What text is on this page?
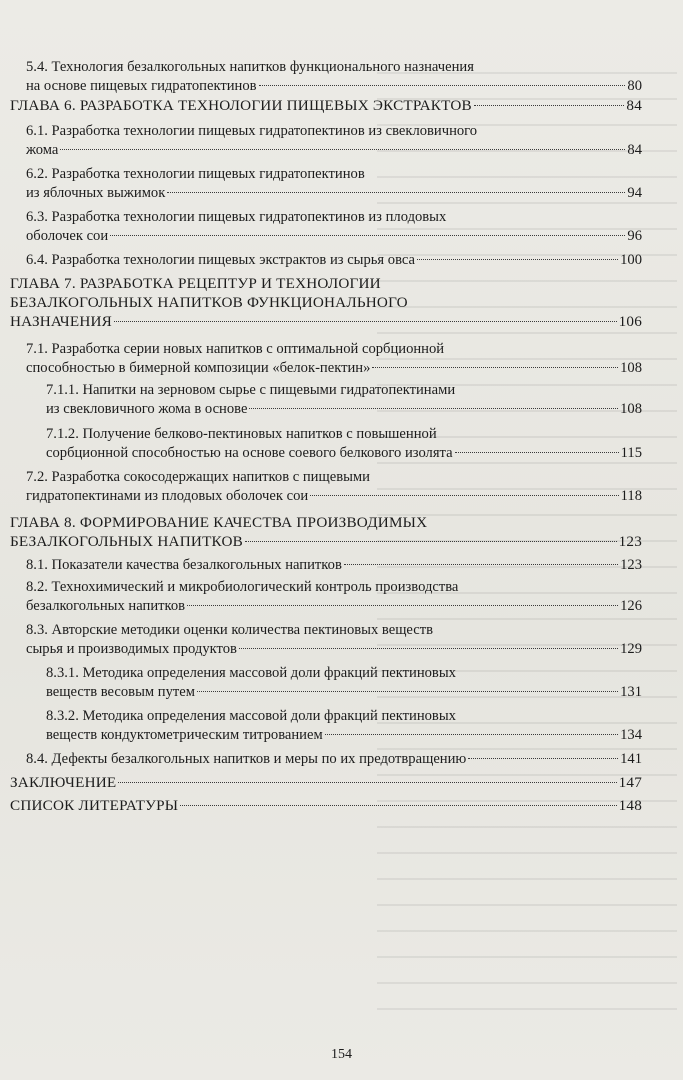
5.4. Технология безалкогольных напитков функционального назначения
на основе пищевых гидратопектинов	80
ГЛАВА 6. РАЗРАБОТКА ТЕХНОЛОГИИ ПИЩЕВЫХ ЭКСТРАКТОВ	84
6.1. Разработка технологии пищевых гидратопектинов из свекловичного
жома	84
6.2. Разработка технологии пищевых гидратопектинов
из яблочных выжимок	94
6.3. Разработка технологии пищевых гидратопектинов из плодовых
оболочек сои	96
6.4. Разработка технологии пищевых экстрактов из сырья овса	100
ГЛАВА 7. РАЗРАБОТКА РЕЦЕПТУР И ТЕХНОЛОГИИ
БЕЗАЛКОГОЛЬНЫХ НАПИТКОВ ФУНКЦИОНАЛЬНОГО
НАЗНАЧЕНИЯ	106
7.1. Разработка серии новых напитков с оптимальной сорбционной
способностью в бимерной композиции «белок-пектин»	108
7.1.1. Напитки на зерновом сырье с пищевыми гидратопектинами
из свекловичного жома в основе	108
7.1.2. Получение белково-пектиновых напитков с повышенной
сорбционной способностью на основе соевого белкового изолята	115
7.2. Разработка сокосодержащих напитков с пищевыми
гидратопектинами из плодовых оболочек сои	118
ГЛАВА 8. ФОРМИРОВАНИЕ КАЧЕСТВА ПРОИЗВОДИМЫХ
БЕЗАЛКОГОЛЬНЫХ НАПИТКОВ	123
8.1. Показатели качества безалкогольных напитков	123
8.2. Технохимический и микробиологический контроль производства
безалкогольных напитков	126
8.3. Авторские методики оценки количества пектиновых веществ
сырья и производимых продуктов	129
8.3.1. Методика определения массовой доли фракций пектиновых
веществ весовым путем	131
8.3.2. Методика определения массовой доли фракций пектиновых
веществ кондуктометрическим титрованием	134
8.4. Дефекты безалкогольных напитков и меры по их предотвращению	141
ЗАКЛЮЧЕНИЕ	147
СПИСОК ЛИТЕРАТУРЫ	148
154
